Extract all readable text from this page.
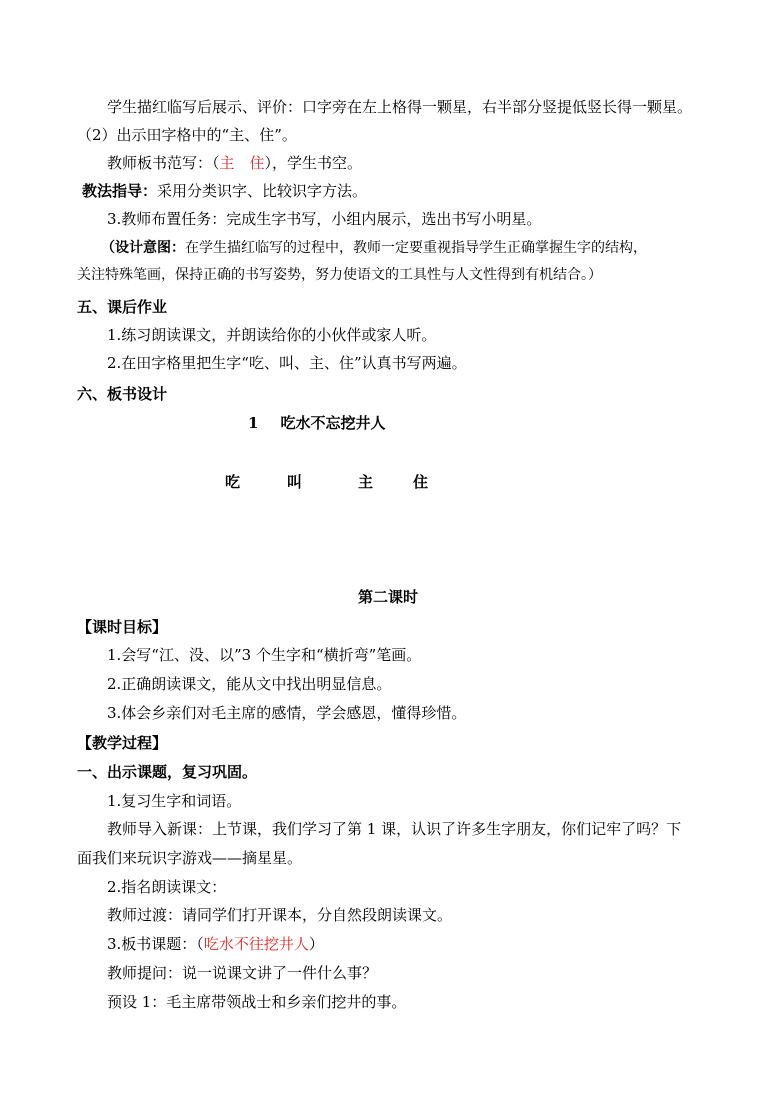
学生描红临写后展示、评价：口字旁在左上格得一颗星，右半部分竖提低竖长得一颗星。
（2）出示田字格中的“主、住”。
教师板书范写：（主　住），学生书空。
教法指导：采用分类识字、比较识字方法。
3.教师布置任务：完成生字书写，小组内展示，选出书写小明星。
（设计意图：在学生描红临写的过程中，教师一定要重视指导学生正确掌握生字的结构，
关注特殊笔画，保持正确的书写姿势，努力使语文的工具性与人文性得到有机结合。）
五、课后作业
1.练习朗读课文，并朗读给你的小伙伴或家人听。
2.在田字格里把生字“吃、叫、主、住”认真书写两遍。
六、板书设计
1 吃水不忘挖井人
吃	叫	主	住
第二课时
【课时目标】
1.会写“江、没、以”3 个生字和“横折弯”笔画。
2.正确朗读课文，能从文中找出明显信息。
3.体会乡亲们对毛主席的感情，学会感恩，懂得珍惜。
【教学过程】
一、出示课题，复习巩固。
1.复习生字和词语。
教师导入新课：上节课，我们学习了第 1 课，认识了许多生字朋友，你们记牢了吗？下
面我们来玩识字游戏——摘星星。
2.指名朗读课文：
教师过渡：请同学们打开课本，分自然段朗读课文。
3.板书课题：（吃水不往挖井人）
教师提问：说一说课文讲了一件什么事？
预设 1：毛主席带领战士和乡亲们挖井的事。
